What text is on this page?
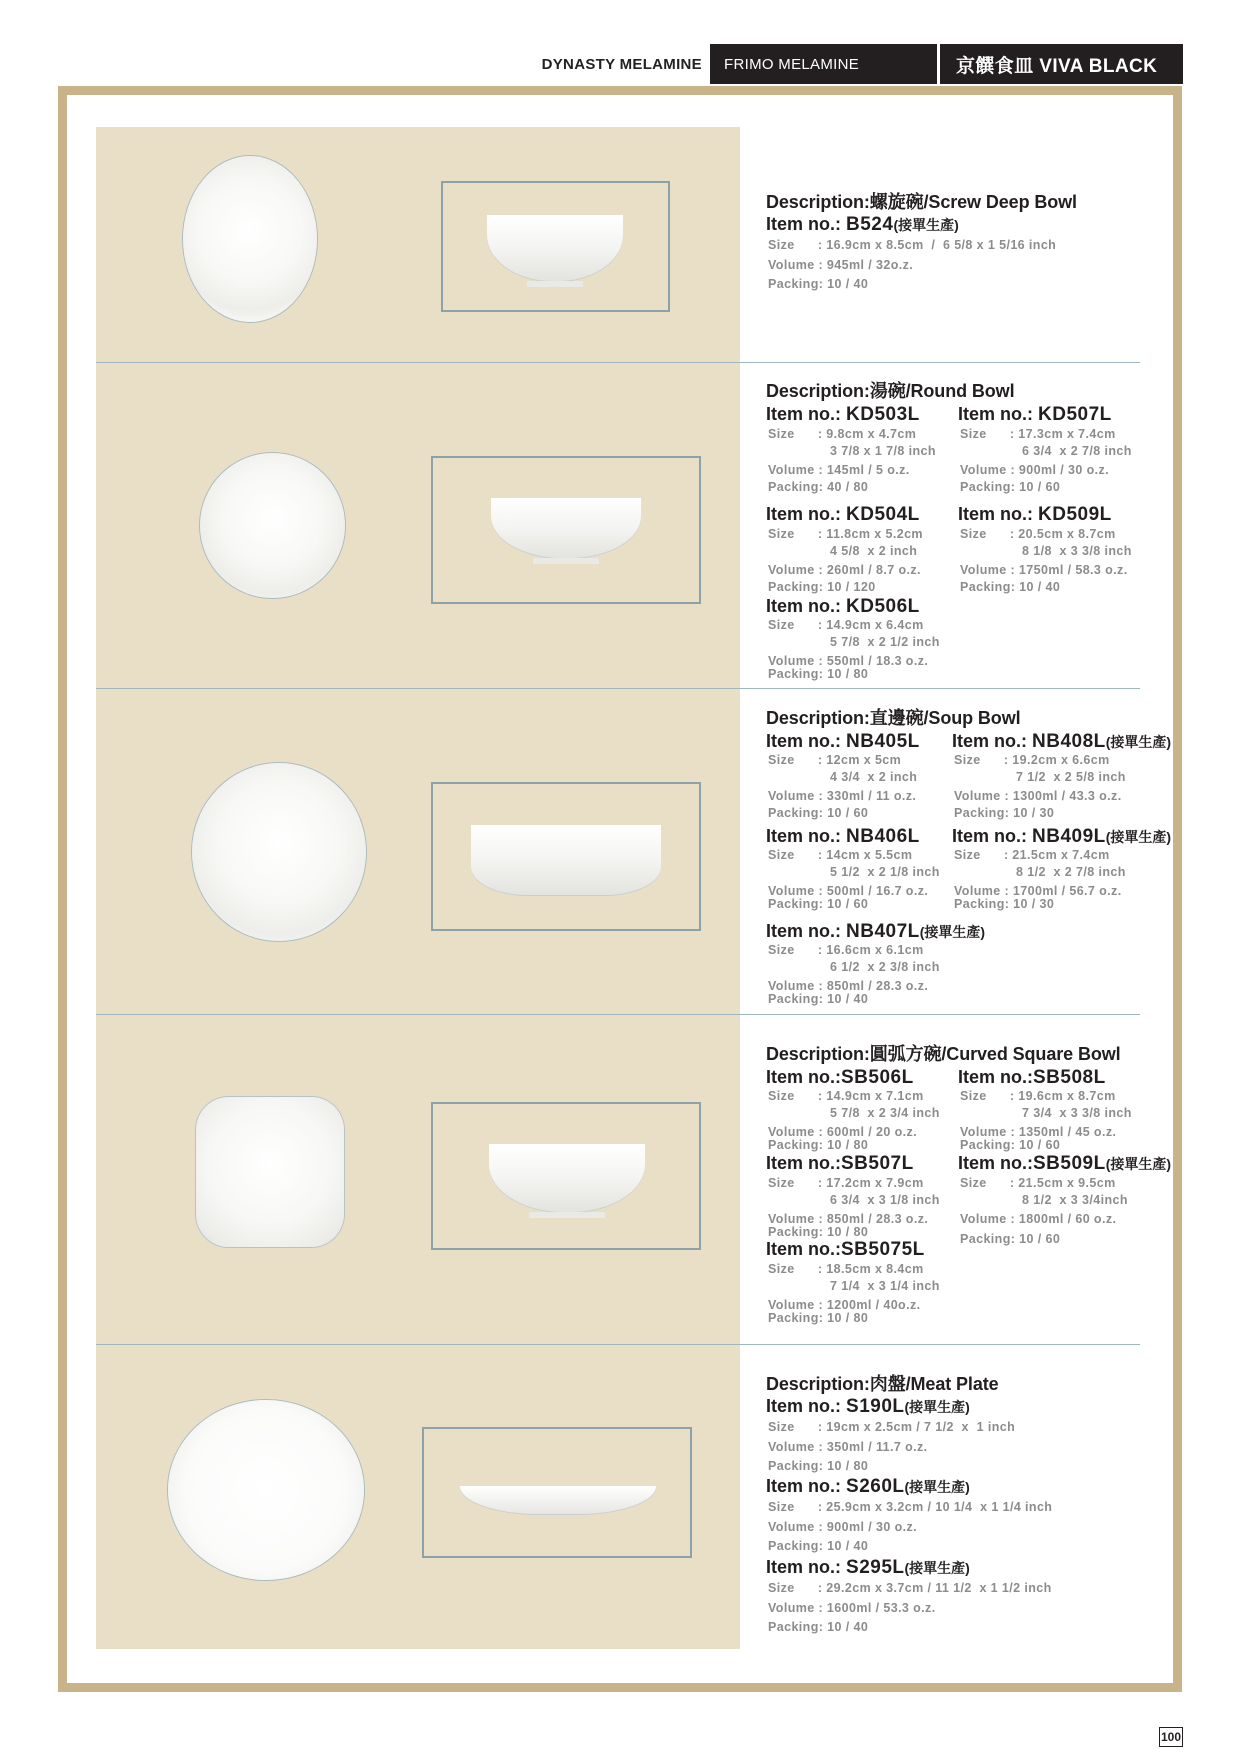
DYNASTY MELAMINE	FRIMO MELAMINE	京饌食皿 VIVA BLACK
Description:螺旋碗/Screw Deep Bowl
Item no.: B524(接單生產)
Size      : 16.9cm x 8.5cm  /  6 5/8 x 1 5/16 inch
Volume : 945ml / 32o.z.
Packing: 10 / 40
Description:湯碗/Round Bowl
Item no.: KD503L
Size      : 9.8cm x 4.7cm
3 7/8 x 1 7/8 inch
Volume : 145ml / 5 o.z.
Packing: 40 / 80
Item no.: KD507L
Size      : 17.3cm x 7.4cm
6 3/4  x 2 7/8 inch
Volume : 900ml / 30 o.z.
Packing: 10 / 60
Item no.: KD504L
Size      : 11.8cm x 5.2cm
4 5/8  x 2 inch
Volume : 260ml / 8.7 o.z.
Packing: 10 / 120
Item no.: KD509L
Size      : 20.5cm x 8.7cm
8 1/8  x 3 3/8 inch
Volume : 1750ml / 58.3 o.z.
Packing: 10 / 40
Item no.: KD506L
Size      : 14.9cm x 6.4cm
5 7/8  x 2 1/2 inch
Volume : 550ml / 18.3 o.z.
Packing: 10 / 80
Description:直邊碗/Soup Bowl
Item no.: NB405L
Size      : 12cm x 5cm
4 3/4  x 2 inch
Volume : 330ml / 11 o.z.
Packing: 10 / 60
Item no.: NB408L(接單生產)
Size      : 19.2cm x 6.6cm
7 1/2  x 2 5/8 inch
Volume : 1300ml / 43.3 o.z.
Packing: 10 / 30
Item no.: NB406L
Size      : 14cm x 5.5cm
5 1/2  x 2 1/8 inch
Volume : 500ml / 16.7 o.z.
Packing: 10 / 60
Item no.: NB409L(接單生產)
Size      : 21.5cm x 7.4cm
8 1/2  x 2 7/8 inch
Volume : 1700ml / 56.7 o.z.
Packing: 10 / 30
Item no.: NB407L(接單生產)
Size      : 16.6cm x 6.1cm
6 1/2  x 2 3/8 inch
Volume : 850ml / 28.3 o.z.
Packing: 10 / 40
Description:圓弧方碗/Curved Square Bowl
Item no.:SB506L
Size      : 14.9cm x 7.1cm
5 7/8  x 2 3/4 inch
Volume : 600ml / 20 o.z.
Packing: 10 / 80
Item no.:SB508L
Size      : 19.6cm x 8.7cm
7 3/4  x 3 3/8 inch
Volume : 1350ml / 45 o.z.
Packing: 10 / 60
Item no.:SB507L
Size      : 17.2cm x 7.9cm
6 3/4  x 3 1/8 inch
Volume : 850ml / 28.3 o.z.
Packing: 10 / 80
Item no.:SB509L(接單生產)
Size      : 21.5cm x 9.5cm
8 1/2  x 3 3/4inch
Volume : 1800ml / 60 o.z.
Packing: 10 / 60
Item no.:SB5075L
Size      : 18.5cm x 8.4cm
7 1/4  x 3 1/4 inch
Volume : 1200ml / 40o.z.
Packing: 10 / 80
Description:肉盤/Meat Plate
Item no.: S190L(接單生產)
Size      : 19cm x 2.5cm / 7 1/2  x  1 inch
Volume : 350ml / 11.7 o.z.
Packing: 10 / 80
Item no.: S260L(接單生產)
Size      : 25.9cm x 3.2cm / 10 1/4  x 1 1/4 inch
Volume : 900ml / 30 o.z.
Packing: 10 / 40
Item no.: S295L(接單生產)
Size      : 29.2cm x 3.7cm / 11 1/2  x 1 1/2 inch
Volume : 1600ml / 53.3 o.z.
Packing: 10 / 40
100
